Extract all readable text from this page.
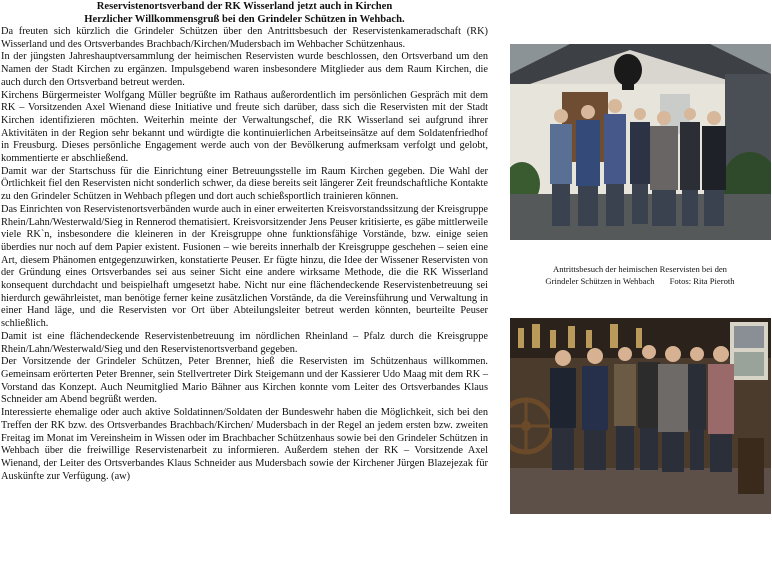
Reservistenortsverband der RK Wisserland jetzt auch in Kirchen
Herzlicher Willkommensgruß bei den Grindeler Schützen in Wehbach.

Da freuten sich kürzlich die Grindeler Schützen über den Antrittsbesuch der Reservistenkameradschaft (RK) Wisserland und des Ortsverbandes Brachbach/Kirchen/Mudersbach im Wehbacher Schützenhaus.

In der jüngsten Jahreshauptversammlung der heimischen Reservisten wurde beschlossen, den Ortsverband um den Namen der Stadt Kirchen zu ergänzen. Impulsgebend waren insbesondere Mitglieder aus dem Raum Kirchen, die auch durch den Ortsverband betreut werden.

Kirchens Bürgermeister Wolfgang Müller begrüßte im Rathaus außerordentlich im persönlichen Gespräch mit dem RK – Vorsitzenden Axel Wienand diese Initiative und freute sich darüber, dass sich die Reservisten mit der Stadt Kirchen identifizieren möchten. Weiterhin meinte der Verwaltungschef, die RK Wisserland sei aufgrund ihrer Aktivitäten in der Region sehr bekannt und würdigte die kontinuierlichen Arbeitseinsätze auf dem Soldatenfriedhof in Freusburg. Dieses persönliche Engagement werde auch von der Bevölkerung aufmerksam verfolgt und gelobt, kommentierte er abschließend.

Damit war der Startschuss für die Einrichtung einer Betreuungsstelle im Raum Kirchen gegeben. Die Wahl der Örtlichkeit fiel den Reservisten nicht sonderlich schwer, da diese bereits seit längerer Zeit freundschaftliche Kontakte zu den Grindeler Schützen in Wehbach pflegen und dort auch schießsportlich trainieren können.

Das Einrichten von Reservistenortsverbänden wurde auch in einer erweiterten Kreisvorstandssitzung der Kreisgruppe Rhein/Lahn/Westerwald/Sieg in Rennerod thematisiert. Kreisvorsitzender Jens Peuser kritisierte, es gäbe mittlerweile viele RK`n, insbesondere die kleineren in der Kreisgruppe ohne funktionsfähige Vorstände, bzw. einige seien überdies nur noch auf dem Papier existent. Fusionen – wie bereits innerhalb der Kreisgruppe geschehen – seien eine Art, diesem Phänomen entgegenzuwirken, konstatierte Peuser. Er fügte hinzu, die Idee der Wissener Reservisten von der Gründung eines Ortsverbandes sei aus seiner Sicht eine andere wirksame Methode, die die RK Wisserland konsequent durchdacht und beispielhaft umgesetzt habe. Nicht nur eine flächendeckende Reservistenbetreuung sei hierdurch gewährleistet, man benötige ferner keine zusätzlichen Vorstände, da die Vereinsführung und Verwaltung in einer Hand läge, und die Reservisten vor Ort über Abteilungsleiter betreut werden könnten, beurteilte Peuser schließlich.

Damit ist eine flächendeckende Reservistenbetreuung im nördlichen Rheinland – Pfalz durch die Kreisgruppe Rhein/Lahn/Westerwald/Sieg und den Reservistenortsverband gegeben.

Der Vorsitzende der Grindeler Schützen, Peter Brenner, hieß die Reservisten im Schützenhaus willkommen. Gemeinsam erörterten Peter Brenner, sein Stellvertreter Dirk Steigemann und der Kassierer Udo Maag mit dem RK – Vorstand das Konzept. Auch Neumitglied Mario Bähner aus Kirchen konnte vom Leiter des Ortsverbandes Klaus Schneider am Abend begrüßt werden.

Interessierte ehemalige oder auch aktive Soldatinnen/Soldaten der Bundeswehr haben die Möglichkeit, sich bei den Treffen der RK bzw. des Ortsverbandes Brachbach/Kirchen/ Mudersbach in der Regel an jedem ersten bzw. zweiten Freitag im Monat im Vereinsheim in Wissen oder im Brachbacher Schützenhaus sowie bei den Grindeler Schützen in Wehbach über die freiwillige Reservistenarbeit zu informieren. Außerdem stehen der RK – Vorsitzende Axel Wienand, der Leiter des Ortsverbandes Klaus Schneider aus Mudersbach sowie der Kirchener Jürgen Blazejezak für Auskünfte zur Verfügung. (aw)

Antrittsbesuch der heimischen Reservisten bei den
Grindeler Schützen in Wehbach Fotos: Rita Pieroth
